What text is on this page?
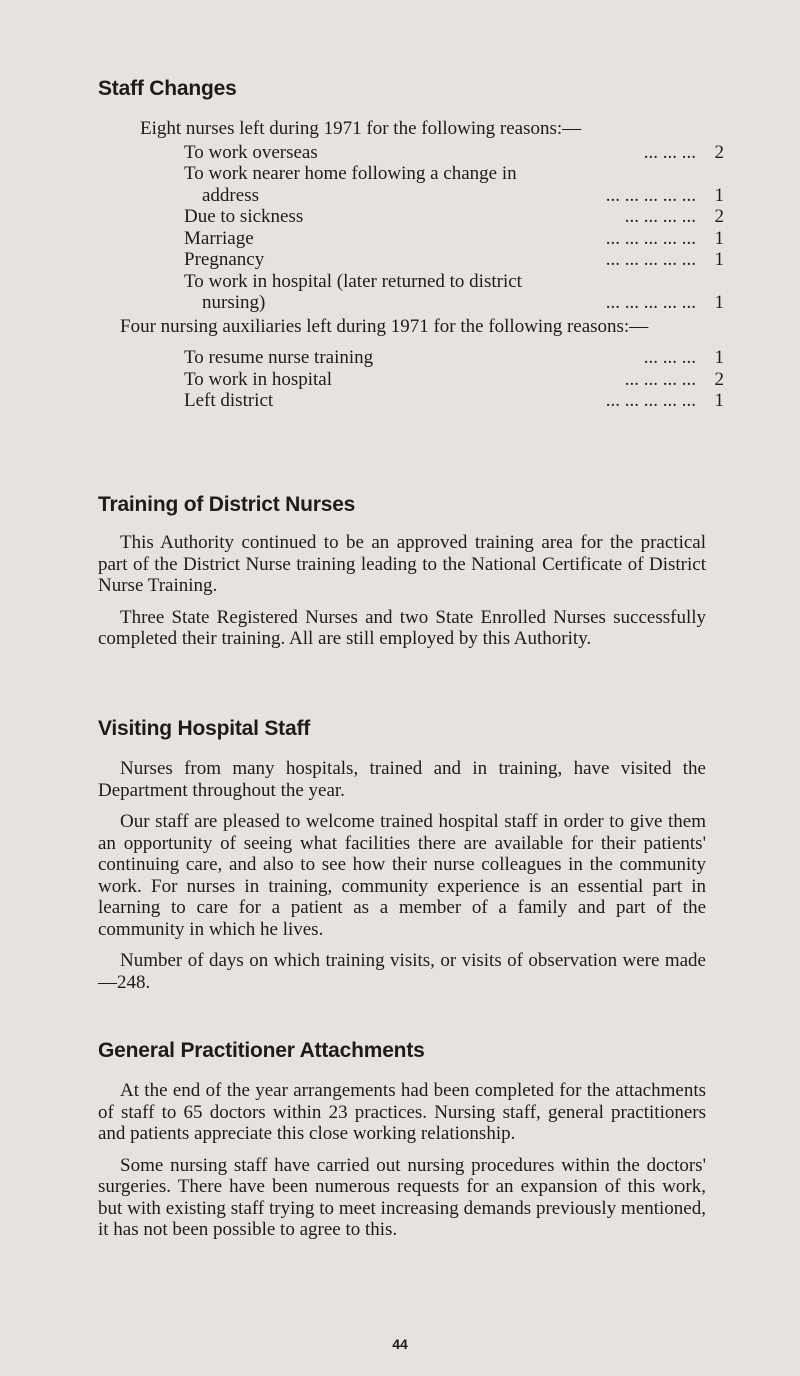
Staff Changes
Eight nurses left during 1971 for the following reasons:—
To work overseas	... ... ... 2
To work nearer home following a change in
address	... ... ... ... ... 1
Due to sickness	... ... ... ... 2
Marriage	... ... ... ... ... 1
Pregnancy	... ... ... ... ... 1
To work in hospital (later returned to district
nursing)	... ... ... ... ... 1

Four nursing auxiliaries left during 1971 for the following reasons:—

To resume nurse training	... ... ... 1
To work in hospital	... ... ... ... 2
Left district	... ... ... ... ... 1
Training of District Nurses

This Authority continued to be an approved training area for the practical part of the District Nurse training leading to the National Certificate of District Nurse Training.

Three State Registered Nurses and two State Enrolled Nurses successfully completed their training. All are still employed by this Authority.

Visiting Hospital Staff

Nurses from many hospitals, trained and in training, have visited the Department throughout the year.

Our staff are pleased to welcome trained hospital staff in order to give them an opportunity of seeing what facilities there are available for their patients' continuing care, and also to see how their nurse colleagues in the community work. For nurses in training, community experience is an essential part in learning to care for a patient as a member of a family and part of the community in which he lives.

Number of days on which training visits, or visits of observation were made—248.

General Practitioner Attachments

At the end of the year arrangements had been completed for the attachments of staff to 65 doctors within 23 practices. Nursing staff, general practitioners and patients appreciate this close working relationship.

Some nursing staff have carried out nursing procedures within the doctors' surgeries. There have been numerous requests for an expansion of this work, but with existing staff trying to meet increasing demands previously mentioned, it has not been possible to agree to this.

44
